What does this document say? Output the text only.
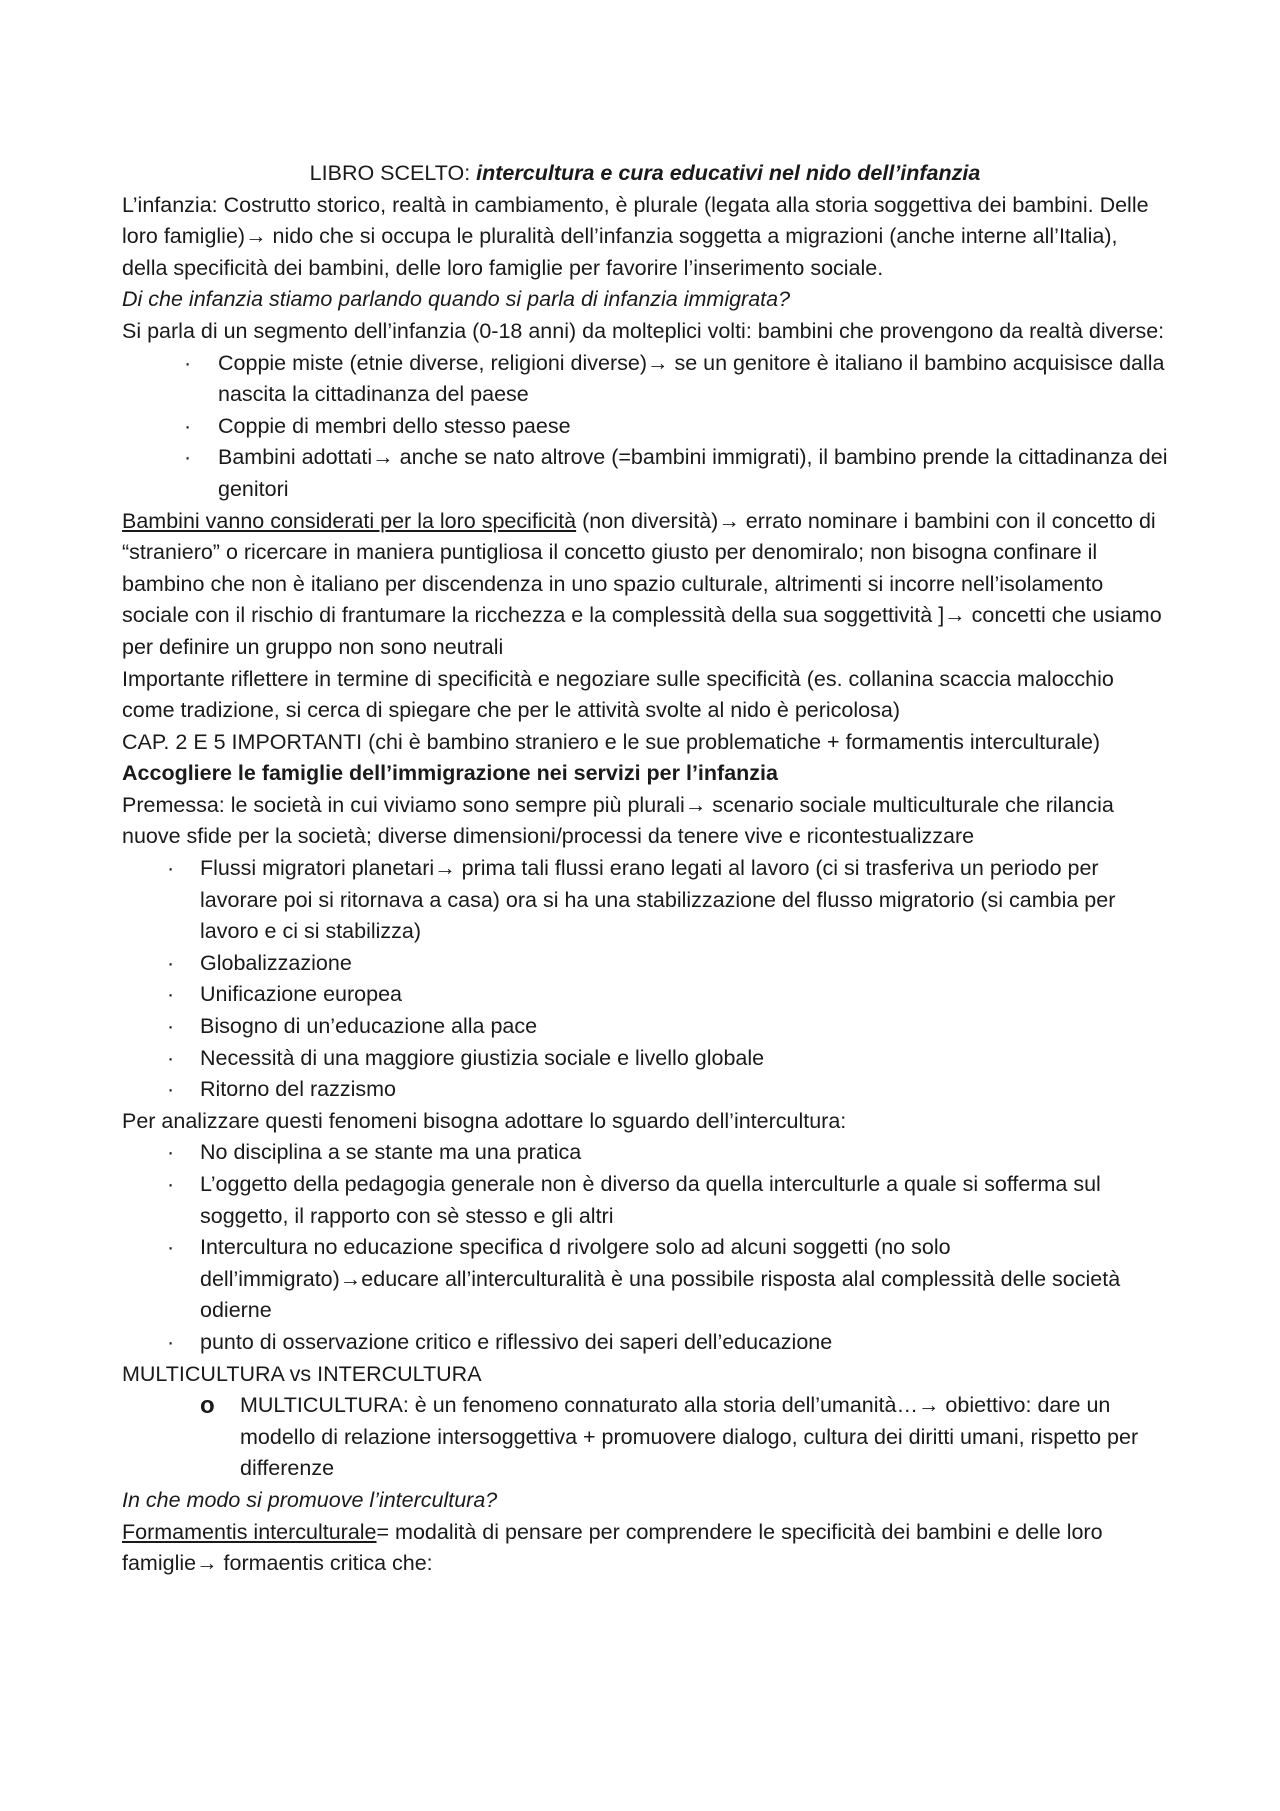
LIBRO SCELTO: intercultura e cura educativi nel nido dell’infanzia

L’infanzia: Costrutto storico, realtà in cambiamento, è plurale (legata alla storia soggettiva dei bambini. Delle loro famiglie)→ nido che si occupa le pluralità dell’infanzia soggetta a migrazioni (anche interne all’Italia), della specificità dei bambini, delle loro famiglie per favorire l’inserimento sociale.

Di che infanzia stiamo parlando quando si parla di infanzia immigrata?

Si parla di un segmento dell’infanzia (0-18 anni) da molteplici volti: bambini che provengono da realtà diverse:

· Coppie miste (etnie diverse, religioni diverse)→ se un genitore è italiano il bambino acquisisce dalla nascita la cittadinanza del paese
· Coppie di membri dello stesso paese
· Bambini adottati→ anche se nato altrove (=bambini immigrati), il bambino prende la cittadinanza dei genitori

Bambini vanno considerati per la loro specificità (non diversità)→ errato nominare i bambini con il concetto di “straniero” o ricercare in maniera puntigliosa il concetto giusto per denomiralo; non bisogna confinare il bambino che non è italiano per discendenza in uno spazio culturale, altrimenti si incorre nell’isolamento sociale con il rischio di frantumare la ricchezza e la complessità della sua soggettività ]→ concetti che usiamo per definire un gruppo non sono neutrali

Importante riflettere in termine di specificità e negoziare sulle specificità (es. collanina scaccia malocchio come tradizione, si cerca di spiegare che per le attività svolte al nido è pericolosa)

CAP. 2 E 5 IMPORTANTI (chi è bambino straniero e le sue problematiche + formamentis interculturale)

Accogliere le famiglie dell’immigrazione nei servizi per l’infanzia

Premessa: le società in cui viviamo sono sempre più plurali→ scenario sociale multiculturale che rilancia nuove sfide per la società; diverse dimensioni/processi da tenere vive e ricontestualizzare

· Flussi migratori planetari→ prima tali flussi erano legati al lavoro (ci si trasferiva un periodo per lavorare poi si ritornava a casa) ora si ha una stabilizzazione del flusso migratorio (si cambia per lavoro e ci si stabilizza)
· Globalizzazione
· Unificazione europea
· Bisogno di un’educazione alla pace
· Necessità di una maggiore giustizia sociale e livello globale
· Ritorno del razzismo

Per analizzare questi fenomeni bisogna adottare lo sguardo dell’intercultura:

· No disciplina a se stante ma una pratica
· L’oggetto della pedagogia generale non è diverso da quella interculturle a quale si sofferma sul soggetto, il rapporto con sè stesso e gli altri
· Intercultura no educazione specifica d rivolgere solo ad alcuni soggetti (no solo dell’immigrato)→educare all’interculturalità è una possibile risposta alal complessità delle società odierne
· punto di osservazione critico e riflessivo dei saperi dell’educazione

MULTICULTURA vs INTERCULTURA

o MULTICULTURA: è un fenomeno connaturato alla storia dell’umanità…→ obiettivo: dare un modello di relazione intersoggettiva + promuovere dialogo, cultura dei diritti umani, rispetto per differenze

In che modo si promuove l’intercultura?

Formamentis interculturale= modalità di pensare per comprendere le specificità dei bambini e delle loro famiglie→ formaentis critica che:
